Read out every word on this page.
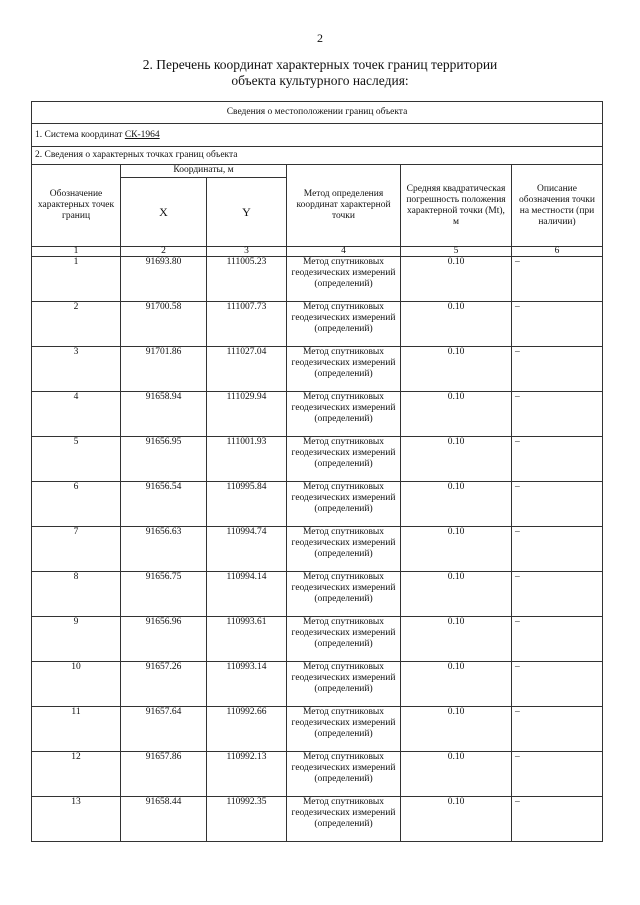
2
2. Перечень координат характерных точек границ территории
объекта культурного наследия:
Сведения о местоположении границ объекта					
1. Система координат СК-1964					
2. Сведения о характерных точках границ объекта					
Обозначение характерных точек границ	Координаты, м		Метод определения координат характерной точки	Средняя квадратическая погрешность положения характерной точки (Mt), м	Описание обозначения точки на местности (при наличии)
	X	Y			
1	2	3	4	5	6
1	91693.80	111005.23	Метод спутниковых геодезических измерений (определений)	0.10	–
2	91700.58	111007.73	Метод спутниковых геодезических измерений (определений)	0.10	–
3	91701.86	111027.04	Метод спутниковых геодезических измерений (определений)	0.10	–
4	91658.94	111029.94	Метод спутниковых геодезических измерений (определений)	0.10	–
5	91656.95	111001.93	Метод спутниковых геодезических измерений (определений)	0.10	–
6	91656.54	110995.84	Метод спутниковых геодезических измерений (определений)	0.10	–
7	91656.63	110994.74	Метод спутниковых геодезических измерений (определений)	0.10	–
8	91656.75	110994.14	Метод спутниковых геодезических измерений (определений)	0.10	–
9	91656.96	110993.61	Метод спутниковых геодезических измерений (определений)	0.10	–
10	91657.26	110993.14	Метод спутниковых геодезических измерений (определений)	0.10	–
11	91657.64	110992.66	Метод спутниковых геодезических измерений (определений)	0.10	–
12	91657.86	110992.13	Метод спутниковых геодезических измерений (определений)	0.10	–
13	91658.44	110992.35	Метод спутниковых геодезических измерений (определений)	0.10	–
